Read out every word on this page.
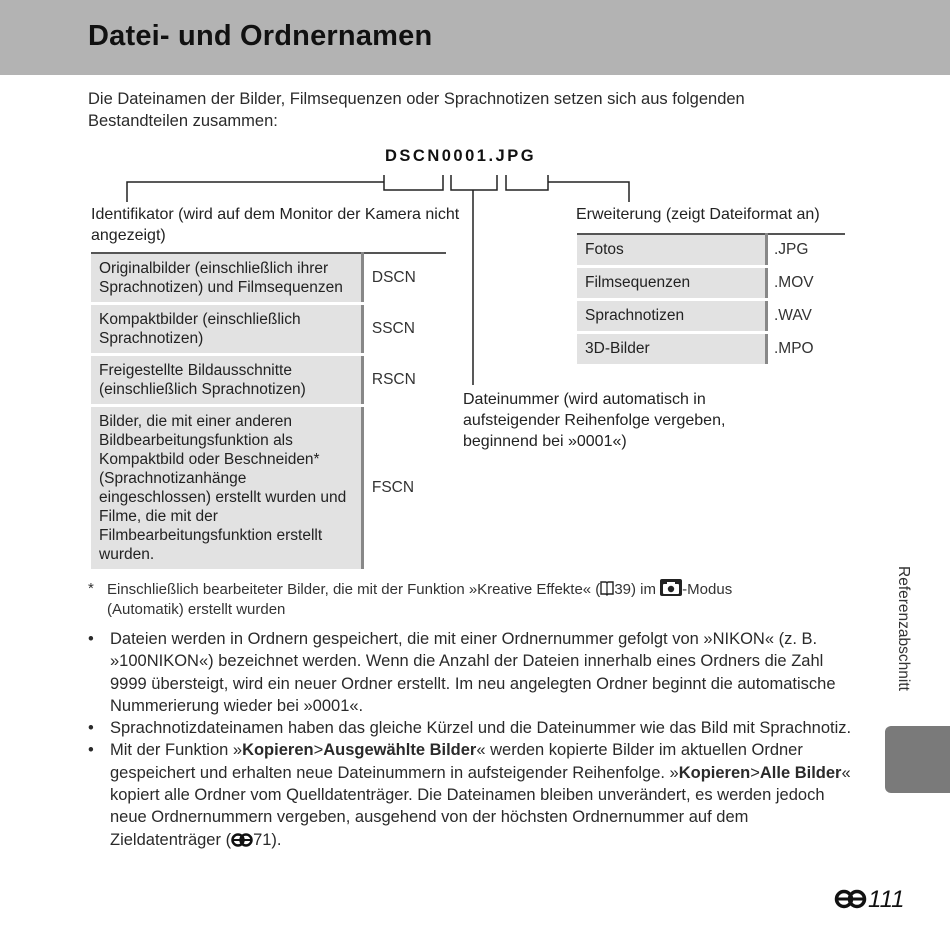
Datei- und Ordnernamen
Die Dateinamen der Bilder, Filmsequenzen oder Sprachnotizen setzen sich aus folgenden Bestandteilen zusammen:
DSCN0001.JPG
Identifikator (wird auf dem Monitor der Kamera nicht angezeigt)
Erweiterung (zeigt Dateiformat an)
Dateinummer (wird automatisch in aufsteigender Reihenfolge vergeben, beginnend bei »0001«)
Originalbilder (einschließlich ihrer Sprachnotizen) und Filmsequenzen	DSCN
Kompaktbilder (einschließlich Sprachnotizen)	SSCN
Freigestellte Bildausschnitte (einschließlich Sprachnotizen)	RSCN
Bilder, die mit einer anderen Bildbearbeitungsfunktion als Kompaktbild oder Beschneiden* (Sprachnotizanhänge eingeschlossen) erstellt wurden und Filme, die mit der Filmbearbeitungsfunktion erstellt wurden.	FSCN
Fotos	.JPG
Filmsequenzen	.MOV
Sprachnotizen	.WAV
3D-Bilder	.MPO
* Einschließlich bearbeiteter Bilder, die mit der Funktion »Kreative Effekte« ( 39) im -Modus (Automatik) erstellt wurden
• Dateien werden in Ordnern gespeichert, die mit einer Ordnernummer gefolgt von »NIKON« (z. B. »100NIKON«) bezeichnet werden. Wenn die Anzahl der Dateien innerhalb eines Ordners die Zahl 9999 übersteigt, wird ein neuer Ordner erstellt. Im neu angelegten Ordner beginnt die automatische Nummerierung wieder bei »0001«.
• Sprachnotizdateinamen haben das gleiche Kürzel und die Dateinummer wie das Bild mit Sprachnotiz.
• Mit der Funktion »Kopieren>Ausgewählte Bilder« werden kopierte Bilder im aktuellen Ordner gespeichert und erhalten neue Dateinummern in aufsteigender Reihenfolge. »Kopieren>Alle Bilder« kopiert alle Ordner vom Quelldatenträger. Die Dateinamen bleiben unverändert, es werden jedoch neue Ordnernummern vergeben, ausgehend von der höchsten Ordnernummer auf dem Zieldatenträger ( 71).
Referenzabschnitt
111
